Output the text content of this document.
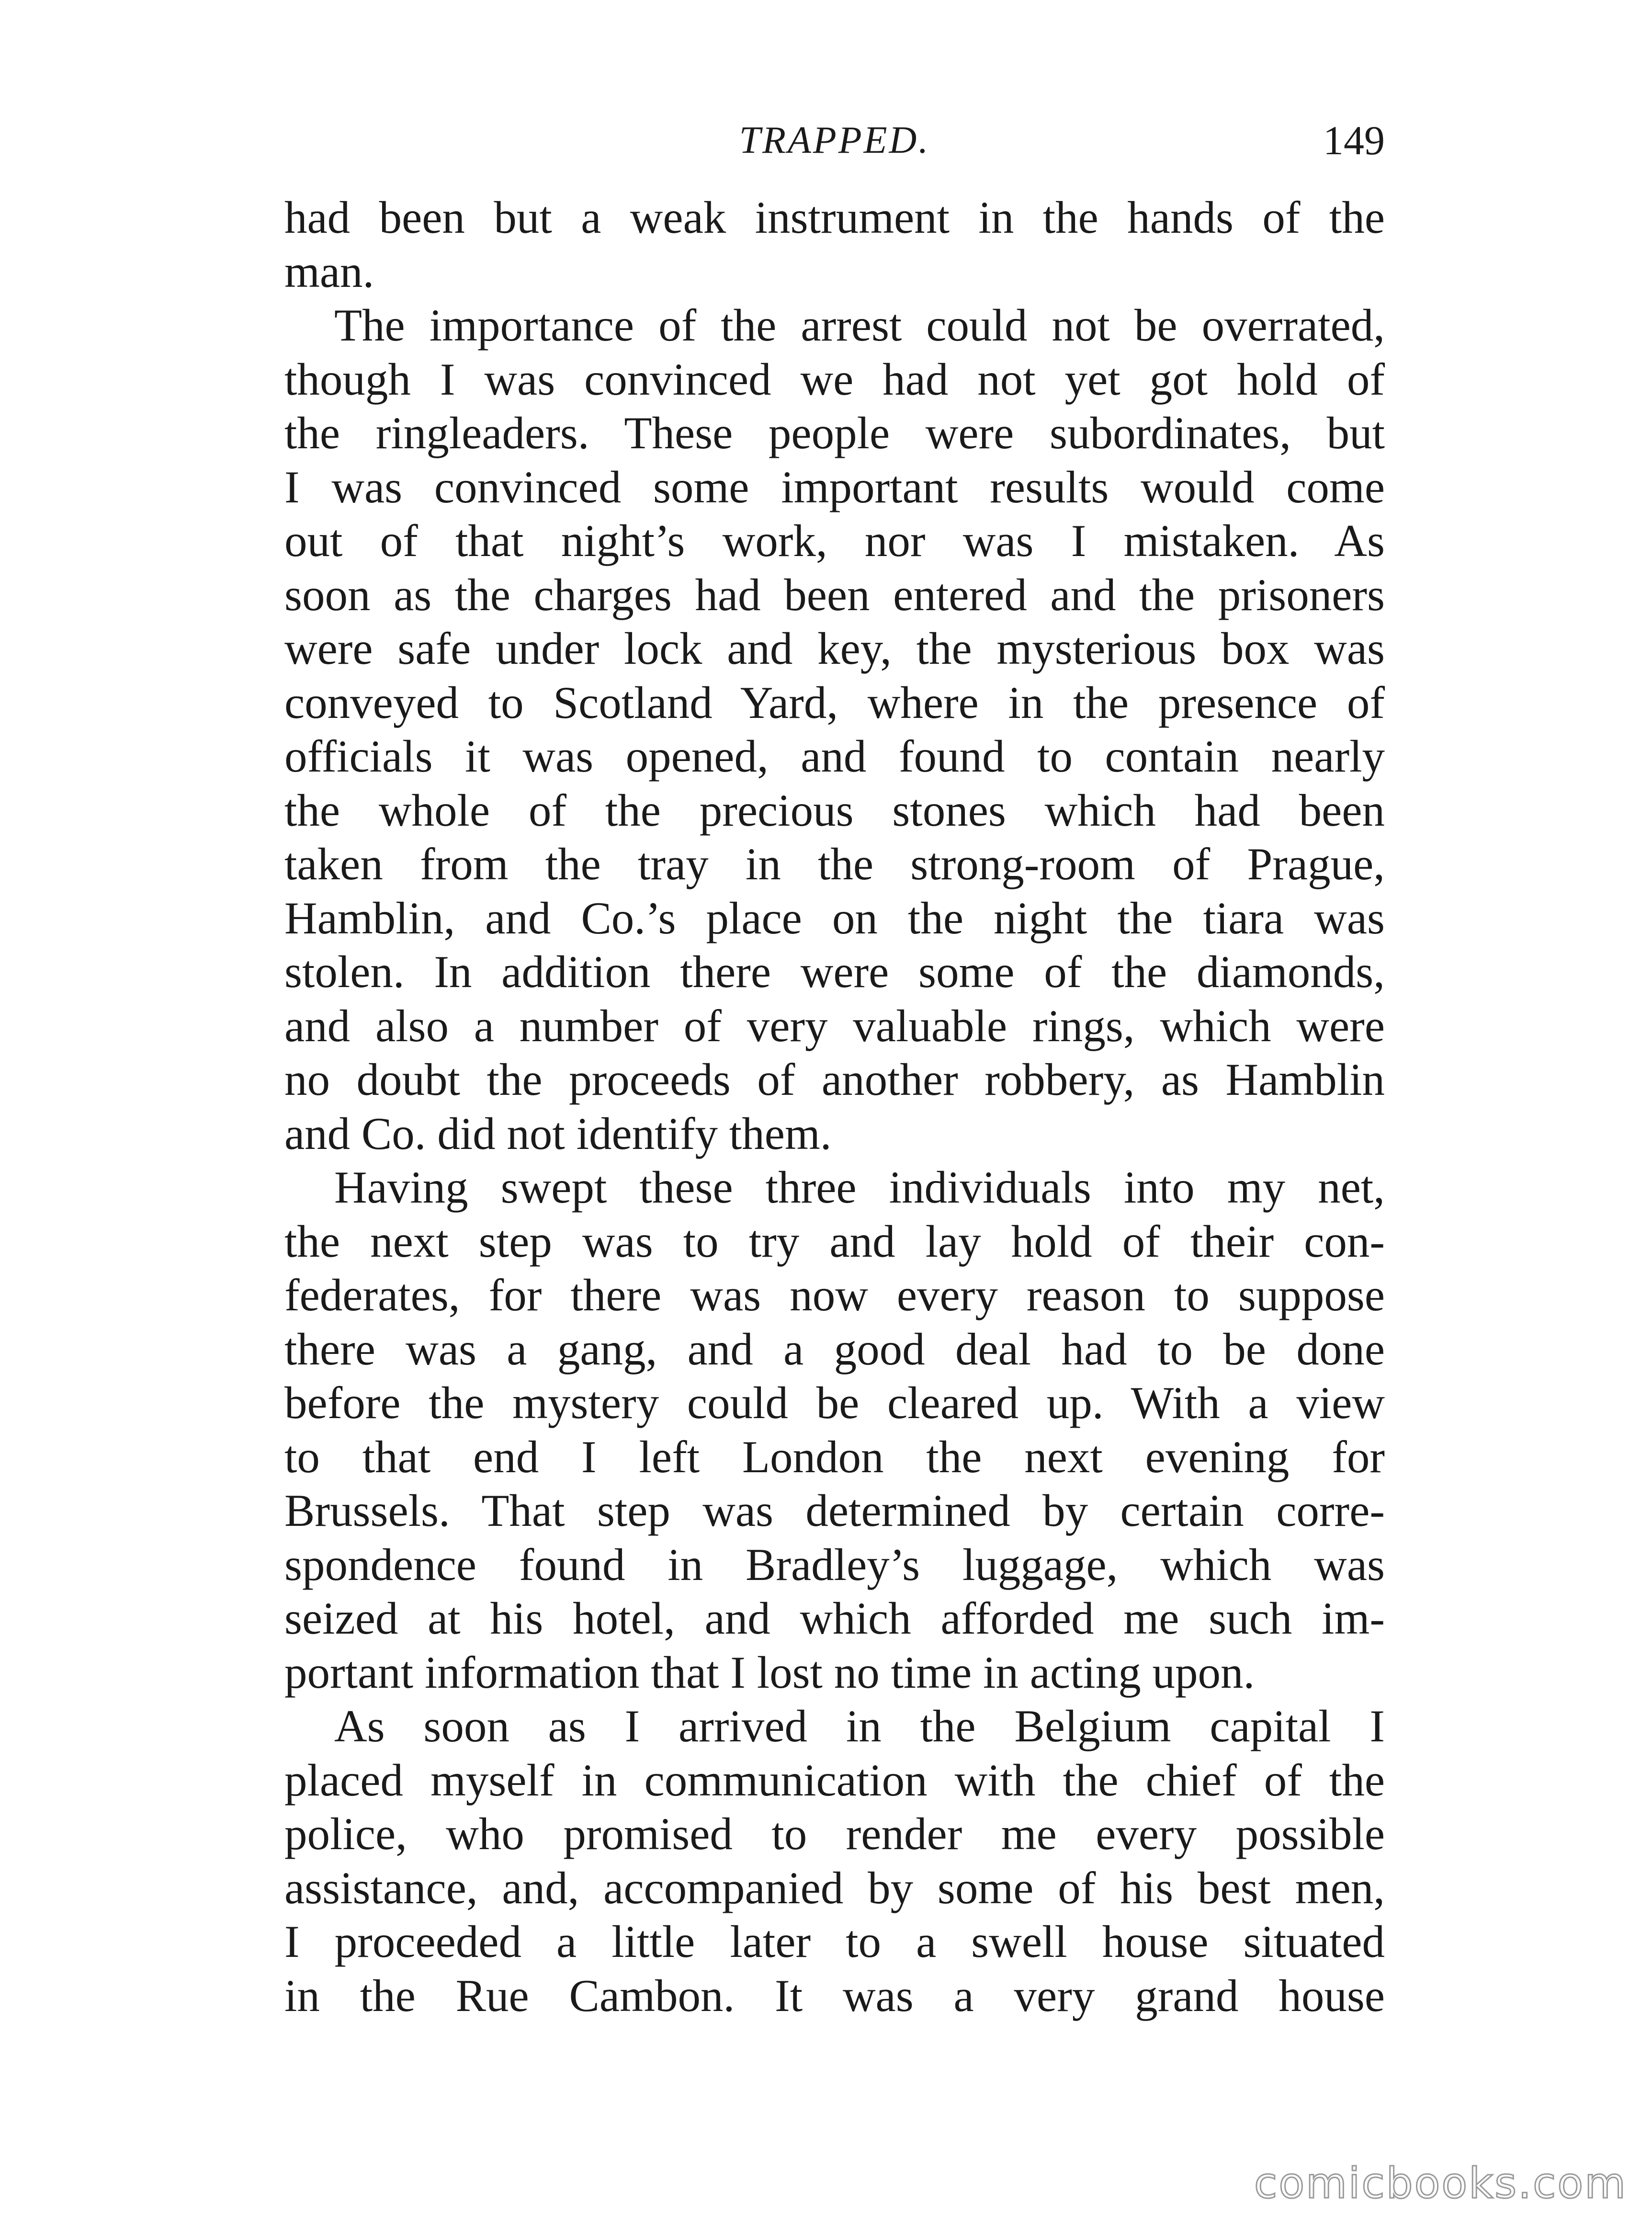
TRAPPED.	149
had been but a weak instrument in the hands of the
man.
The importance of the arrest could not be overrated,
though I was convinced we had not yet got hold of
the ringleaders. These people were subordinates, but
I was convinced some important results would come
out of that night’s work, nor was I mistaken. As
soon as the charges had been entered and the prisoners
were safe under lock and key, the mysterious box was
conveyed to Scotland Yard, where in the presence of
officials it was opened, and found to contain nearly
the whole of the precious stones which had been
taken from the tray in the strong-room of Prague,
Hamblin, and Co.’s place on the night the tiara was
stolen. In addition there were some of the diamonds,
and also a number of very valuable rings, which were
no doubt the proceeds of another robbery, as Hamblin
and Co. did not identify them.
Having swept these three individuals into my net,
the next step was to try and lay hold of their con-
federates, for there was now every reason to suppose
there was a gang, and a good deal had to be done
before the mystery could be cleared up. With a view
to that end I left London the next evening for
Brussels. That step was determined by certain corre-
spondence found in Bradley’s luggage, which was
seized at his hotel, and which afforded me such im-
portant information that I lost no time in acting upon.
As soon as I arrived in the Belgium capital I
placed myself in communication with the chief of the
police, who promised to render me every possible
assistance, and, accompanied by some of his best men,
I proceeded a little later to a swell house situated
in the Rue Cambon. It was a very grand house
comicbooks.com
